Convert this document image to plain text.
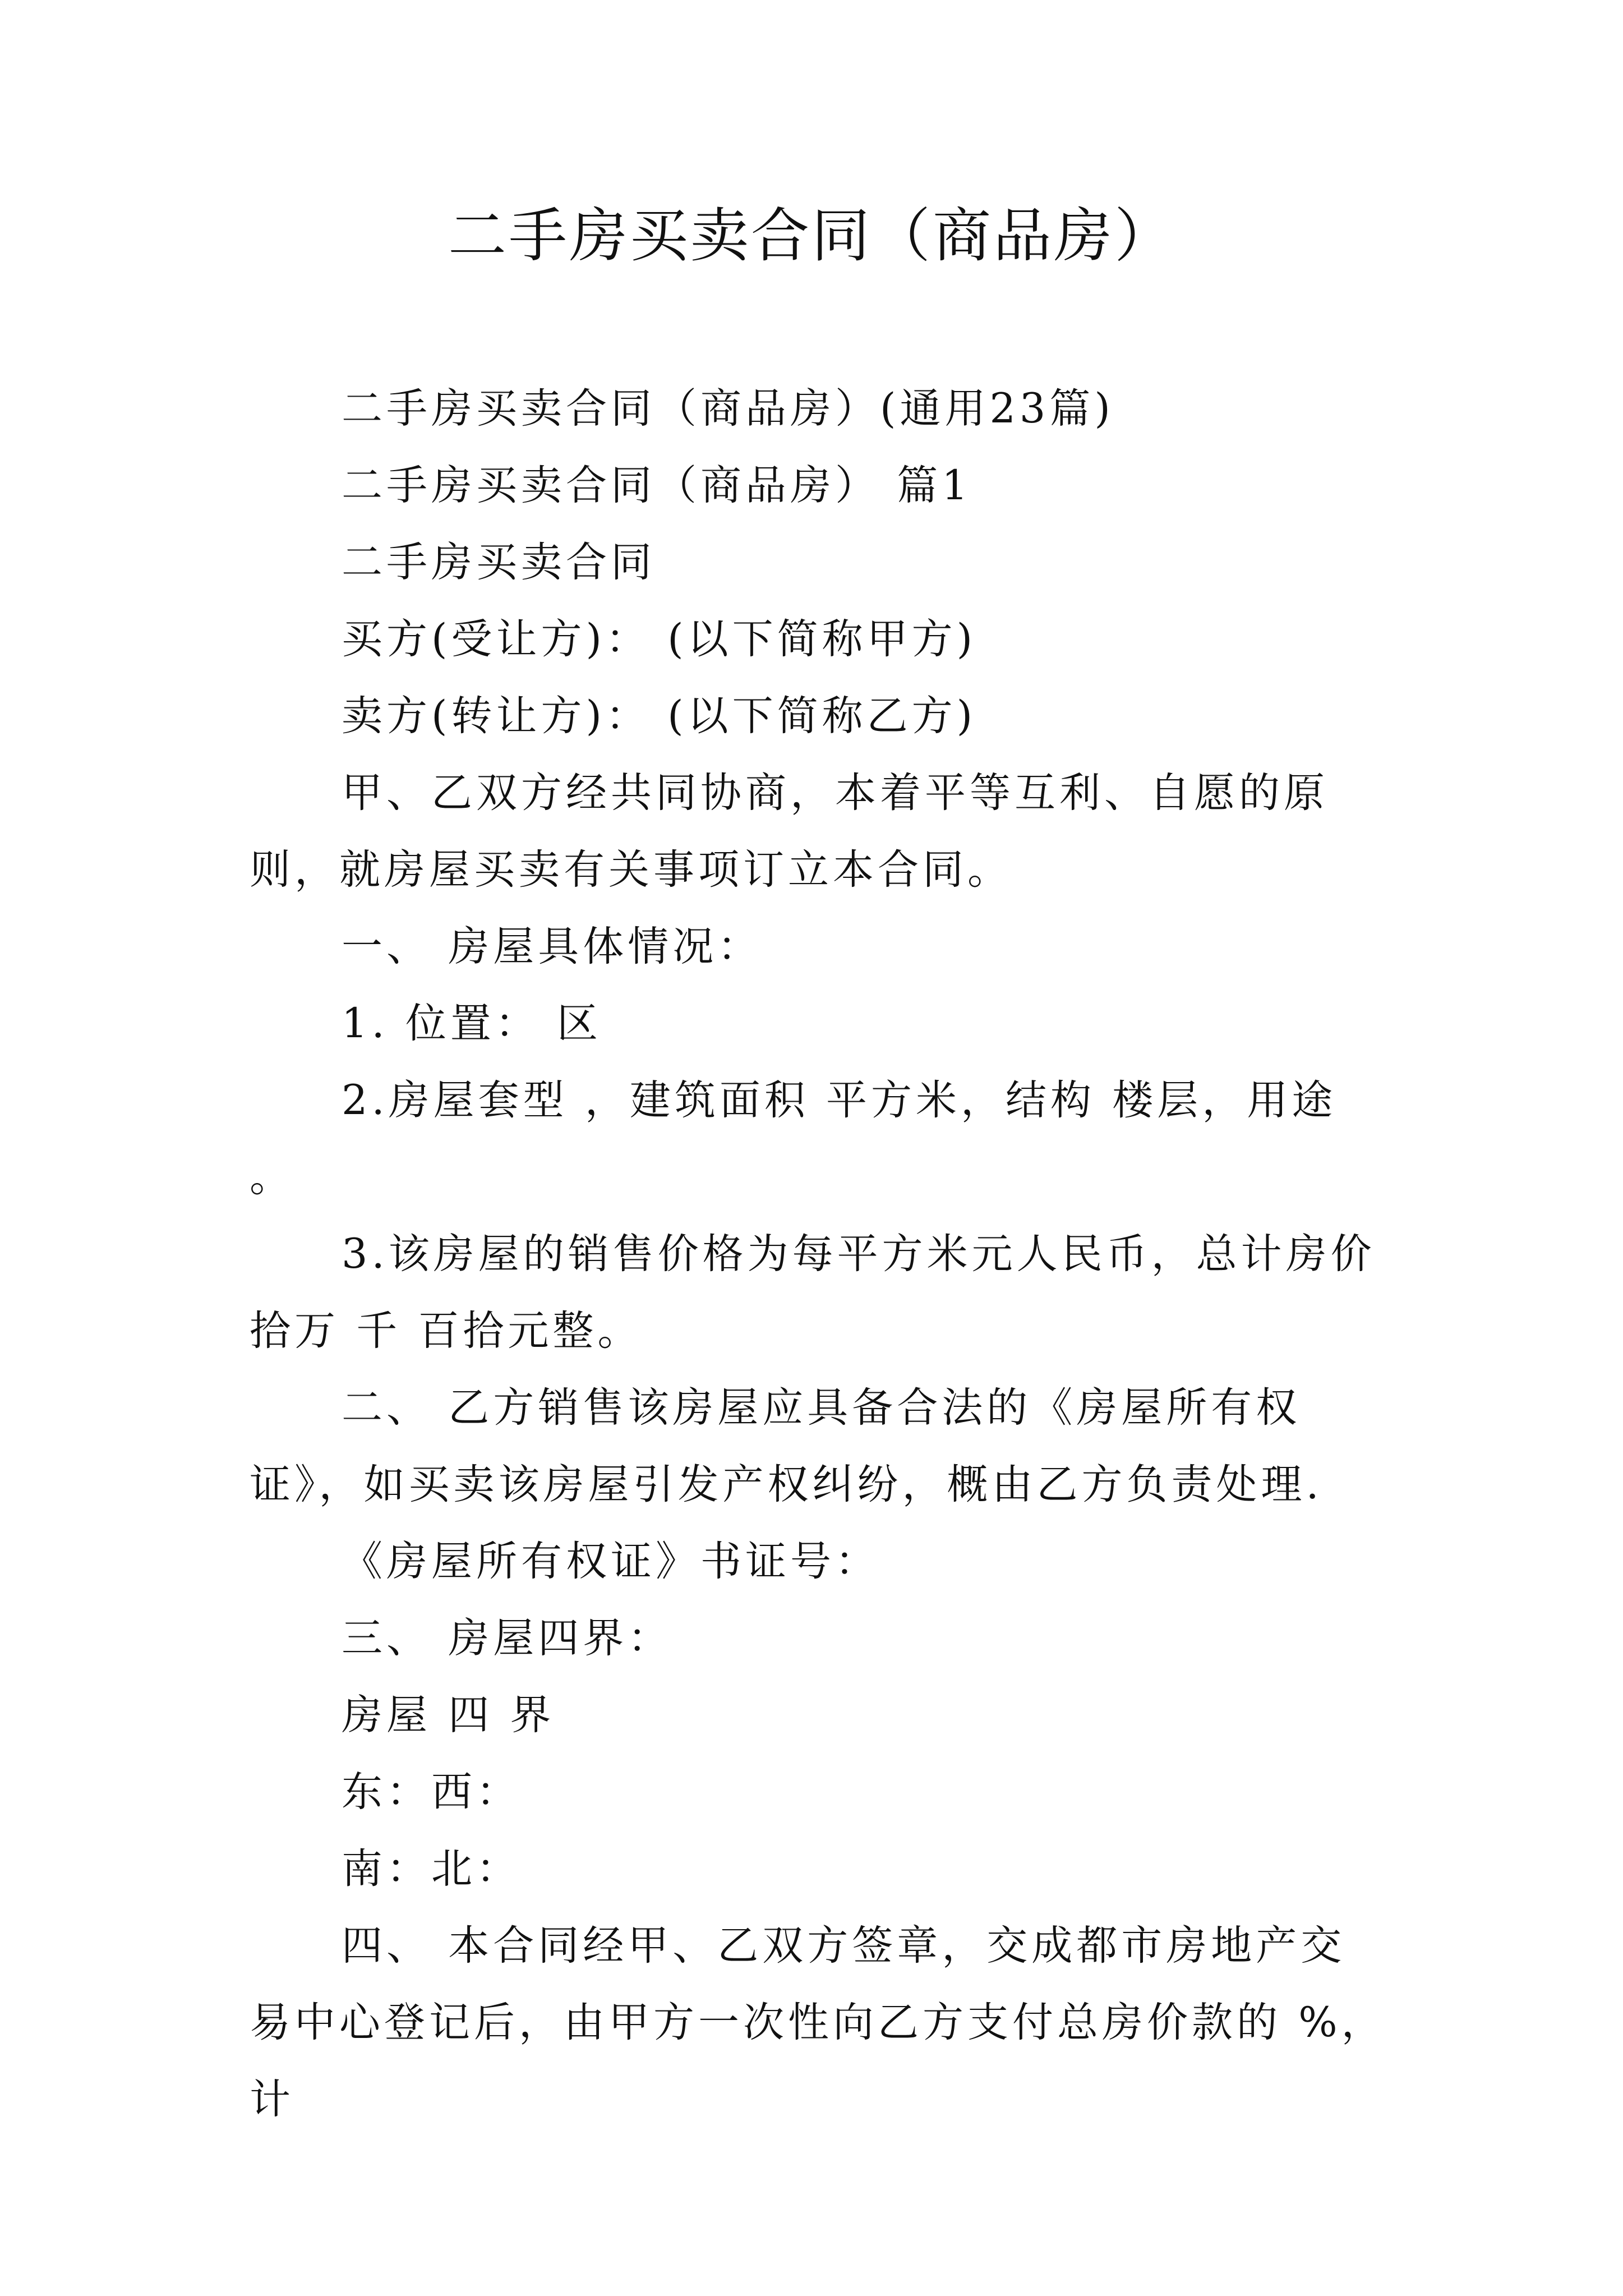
二手房买卖合同（商品房）

二手房买卖合同（商品房）(通用23篇)

二手房买卖合同（商品房） 篇1

二手房买卖合同

买方(受让方)： (以下简称甲方)

卖方(转让方)： (以下简称乙方)

甲、乙双方经共同协商，本着平等互利、自愿的原则，就房屋买卖有关事项订立本合同。

一、 房屋具体情况：

1. 位置： 区

2.房屋套型 ，建筑面积 平方米，结构 楼层，用途 。

3.该房屋的销售价格为每平方米元人民币，总计房价拾万 千 百拾元整。

二、 乙方销售该房屋应具备合法的《房屋所有权证》，如买卖该房屋引发产权纠纷，概由乙方负责处理.

《房屋所有权证》书证号：

三、 房屋四界：

房屋 四 界

东：西：

南：北：

四、 本合同经甲、乙双方签章，交成都市房地产交易中心登记后，由甲方一次性向乙方支付总房价款的 %，计
